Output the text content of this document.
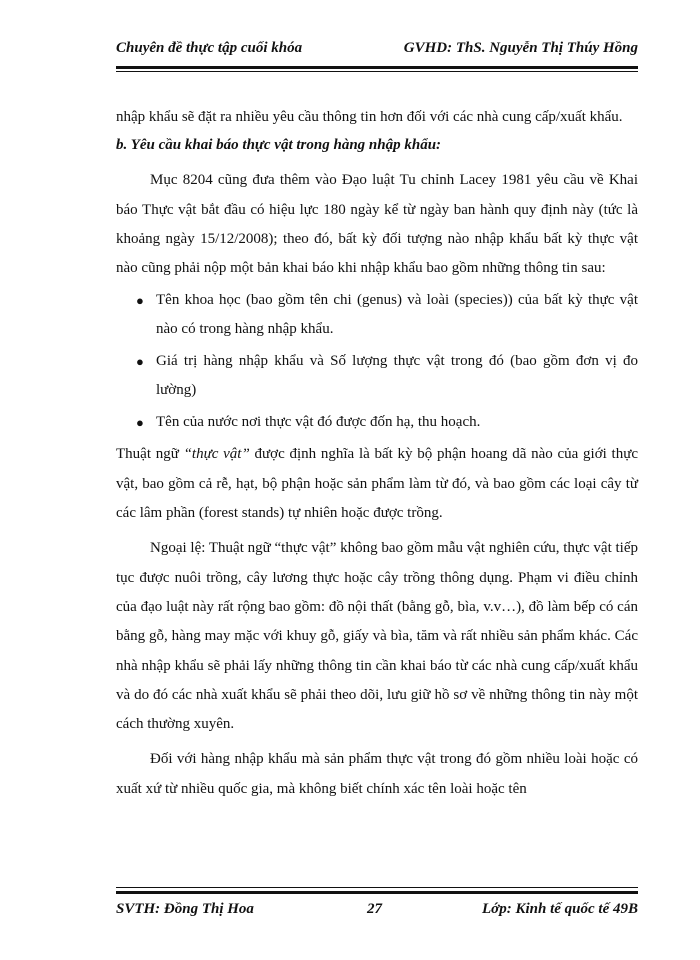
Chuyên đề thực tập cuối khóa	GVHD: ThS. Nguyễn Thị Thúy Hồng

nhập khẩu sẽ đặt ra nhiều yêu cầu thông tin hơn đối với các nhà cung cấp/xuất khẩu.

b. Yêu cầu khai báo thực vật trong hàng nhập khẩu:

Mục 8204 cũng đưa thêm vào Đạo luật Tu chỉnh Lacey 1981 yêu cầu về Khai báo Thực vật bắt đầu có hiệu lực 180 ngày kể từ ngày ban hành quy định này (tức là khoảng ngày 15/12/2008); theo đó, bất kỳ đối tượng nào nhập khẩu bất kỳ thực vật nào cũng phải nộp một bản khai báo khi nhập khẩu bao gồm những thông tin sau:

● Tên khoa học (bao gồm tên chi (genus) và loài (species)) của bất kỳ thực vật nào có trong hàng nhập khẩu.
● Giá trị hàng nhập khẩu và Số lượng thực vật trong đó (bao gồm đơn vị đo lường)
● Tên của nước nơi thực vật đó được đốn hạ, thu hoạch.

Thuật ngữ “thực vật” được định nghĩa là bất kỳ bộ phận hoang dã nào của giới thực vật, bao gồm cả rễ, hạt, bộ phận hoặc sản phẩm làm từ đó, và bao gồm các loại cây từ các lâm phần (forest stands) tự nhiên hoặc được trồng.

Ngoại lệ: Thuật ngữ “thực vật” không bao gồm mẫu vật nghiên cứu, thực vật tiếp tục được nuôi trồng, cây lương thực hoặc cây trồng thông dụng. Phạm vi điều chỉnh của đạo luật này rất rộng bao gồm: đồ nội thất (bằng gỗ, bìa, v.v…), đồ làm bếp có cán bằng gỗ, hàng may mặc với khuy gỗ, giấy và bìa, tăm và rất nhiều sản phẩm khác. Các nhà nhập khẩu sẽ phải lấy những thông tin cần khai báo từ các nhà cung cấp/xuất khẩu và do đó các nhà xuất khẩu sẽ phải theo dõi, lưu giữ hồ sơ về những thông tin này một cách thường xuyên.

Đối với hàng nhập khẩu mà sản phẩm thực vật trong đó gồm nhiều loài hoặc có xuất xứ từ nhiều quốc gia, mà không biết chính xác tên loài hoặc tên

SVTH: Đồng Thị Hoa	27	Lớp: Kinh tế quốc tế 49B
